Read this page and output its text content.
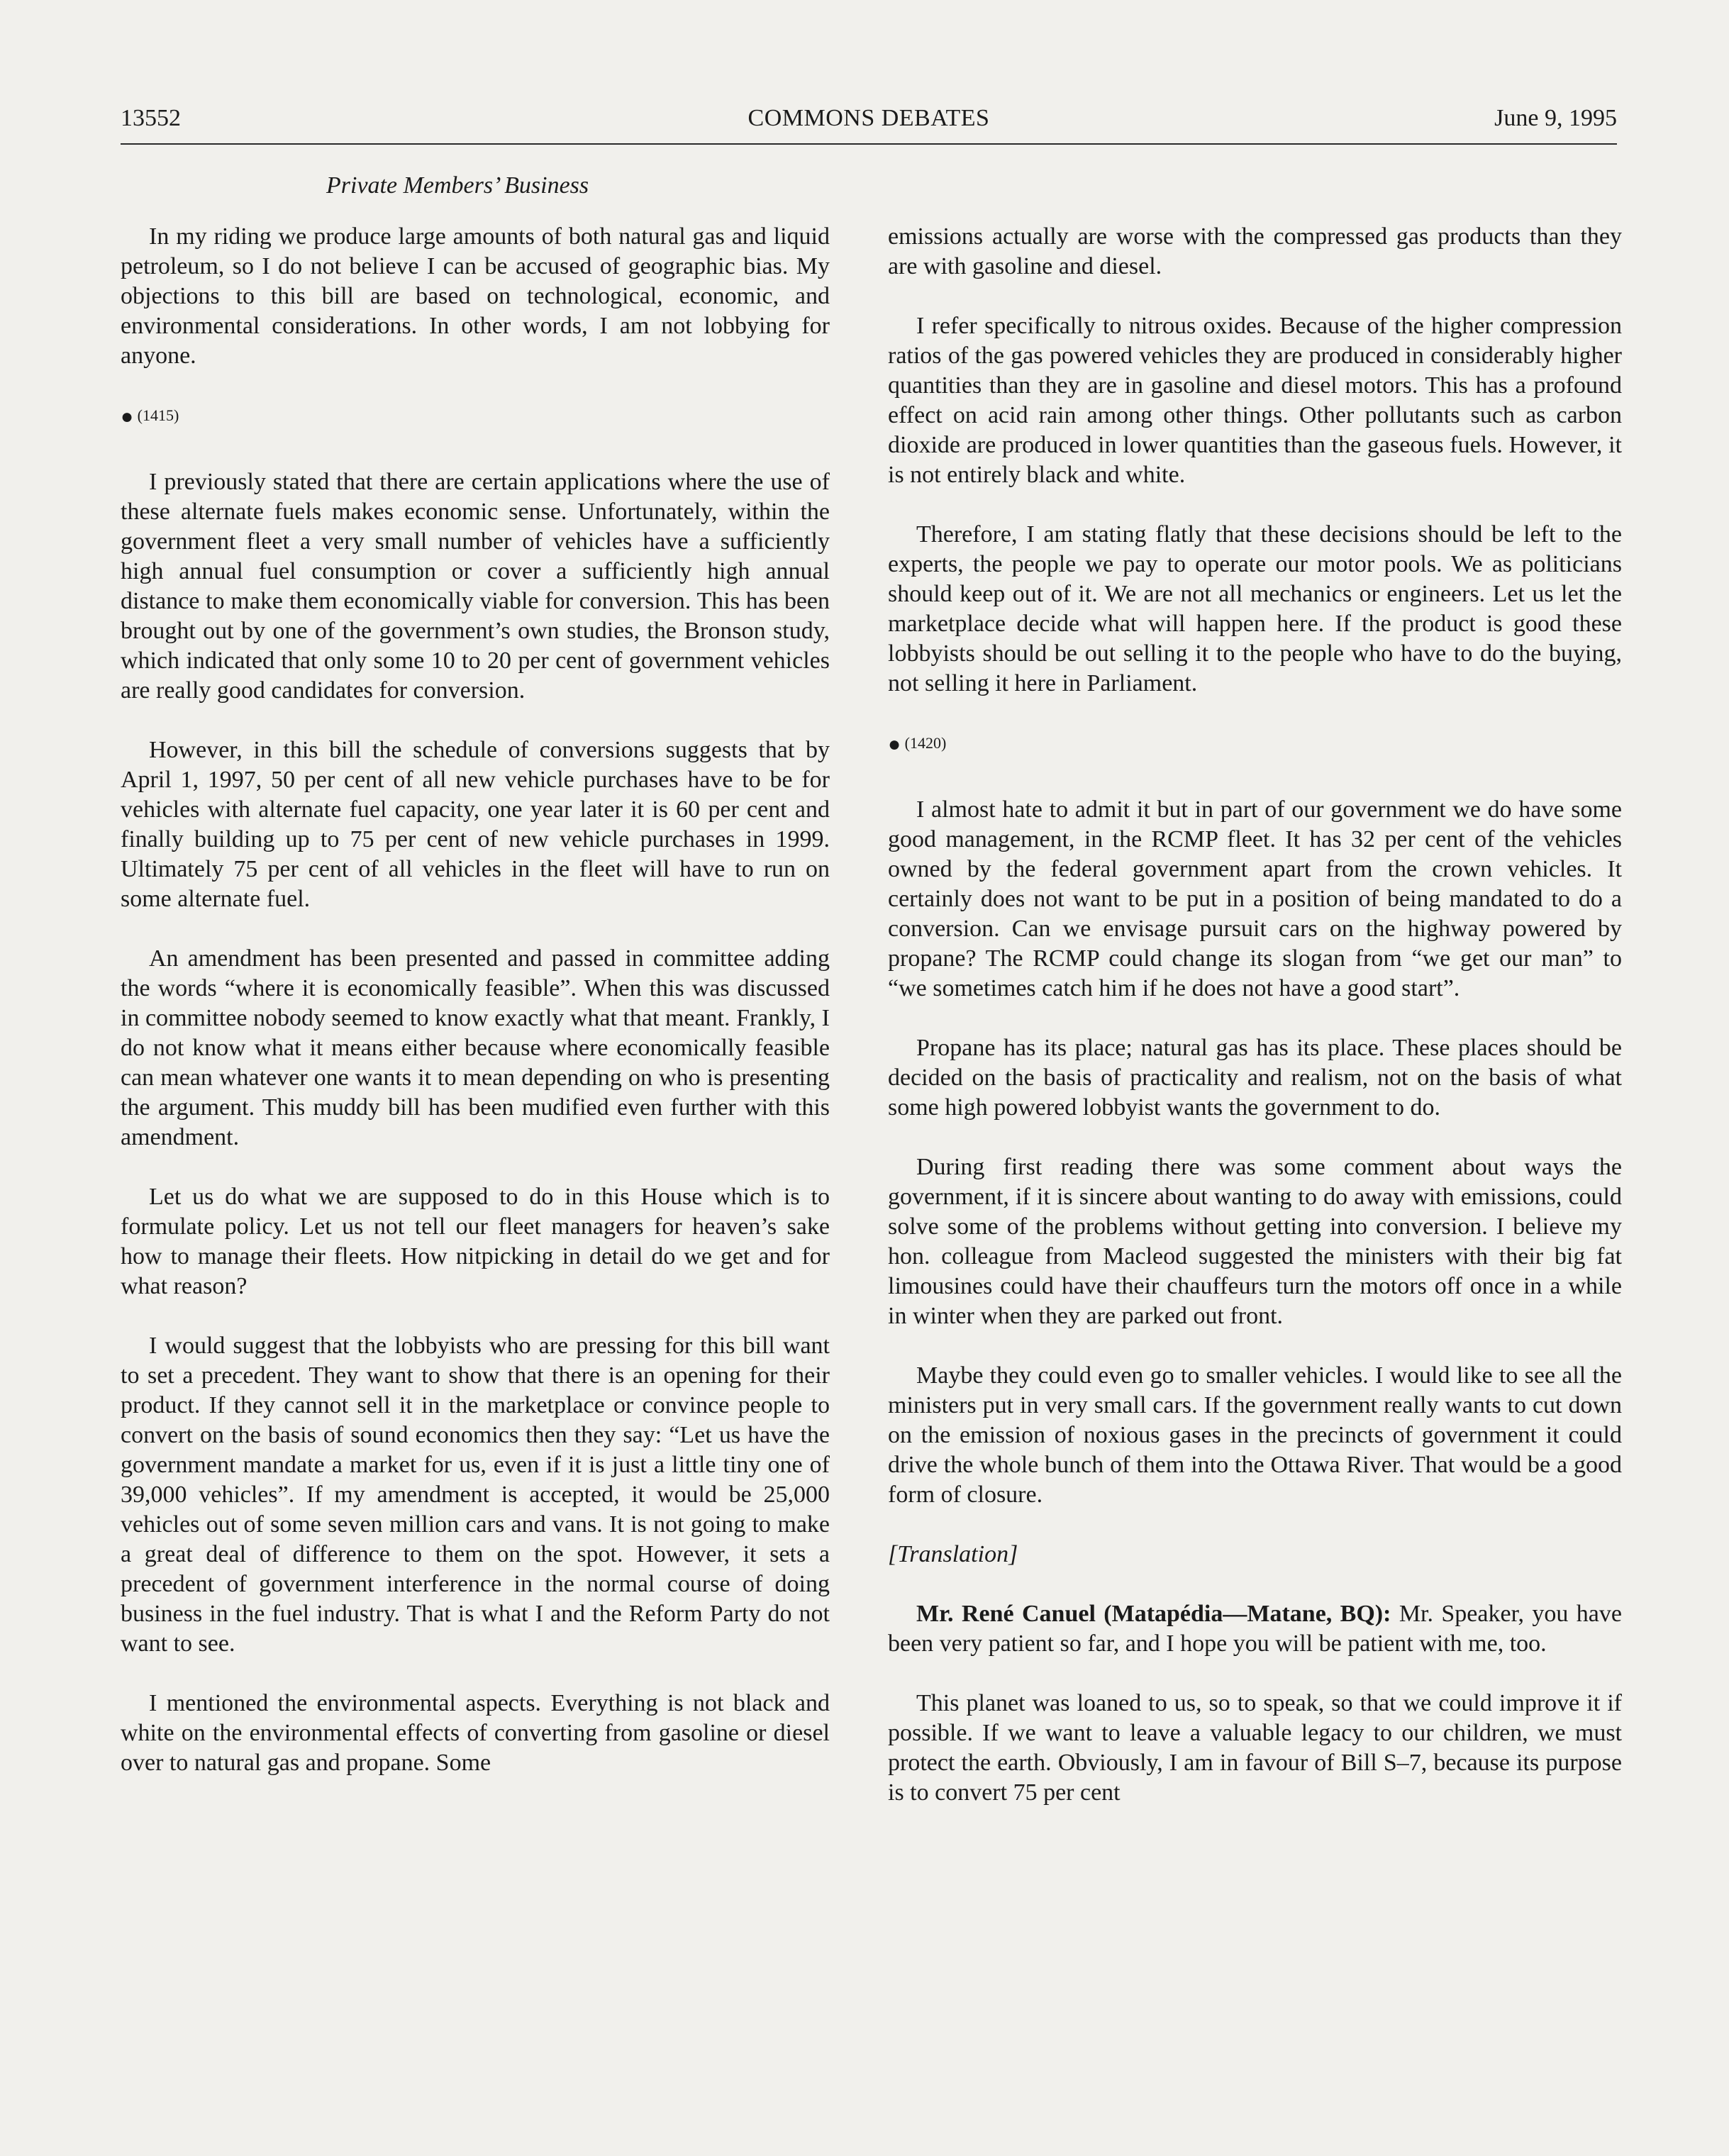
COMMONS DEBATES
13552	June 9, 1995
Private Members’ Business

In my riding we produce large amounts of both natural gas and liquid petroleum, so I do not believe I can be accused of geographic bias. My objections to this bill are based on technological, economic, and environmental considerations. In other words, I am not lobbying for anyone.

● (1415)

I previously stated that there are certain applications where the use of these alternate fuels makes economic sense. Unfortunately, within the government fleet a very small number of vehicles have a sufficiently high annual fuel consumption or cover a sufficiently high annual distance to make them economically viable for conversion. This has been brought out by one of the government’s own studies, the Bronson study, which indicated that only some 10 to 20 per cent of government vehicles are really good candidates for conversion.

However, in this bill the schedule of conversions suggests that by April 1, 1997, 50 per cent of all new vehicle purchases have to be for vehicles with alternate fuel capacity, one year later it is 60 per cent and finally building up to 75 per cent of new vehicle purchases in 1999. Ultimately 75 per cent of all vehicles in the fleet will have to run on some alternate fuel.

An amendment has been presented and passed in committee adding the words “where it is economically feasible”. When this was discussed in committee nobody seemed to know exactly what that meant. Frankly, I do not know what it means either because where economically feasible can mean whatever one wants it to mean depending on who is presenting the argument. This muddy bill has been mudified even further with this amendment.

Let us do what we are supposed to do in this House which is to formulate policy. Let us not tell our fleet managers for heaven’s sake how to manage their fleets. How nitpicking in detail do we get and for what reason?

I would suggest that the lobbyists who are pressing for this bill want to set a precedent. They want to show that there is an opening for their product. If they cannot sell it in the marketplace or convince people to convert on the basis of sound economics then they say: “Let us have the government mandate a market for us, even if it is just a little tiny one of 39,000 vehicles”. If my amendment is accepted, it would be 25,000 vehicles out of some seven million cars and vans. It is not going to make a great deal of difference to them on the spot. However, it sets a precedent of government interference in the normal course of doing business in the fuel industry. That is what I and the Reform Party do not want to see.

I mentioned the environmental aspects. Everything is not black and white on the environmental effects of converting from gasoline or diesel over to natural gas and propane. Some

emissions actually are worse with the compressed gas products than they are with gasoline and diesel.

I refer specifically to nitrous oxides. Because of the higher compression ratios of the gas powered vehicles they are produced in considerably higher quantities than they are in gasoline and diesel motors. This has a profound effect on acid rain among other things. Other pollutants such as carbon dioxide are produced in lower quantities than the gaseous fuels. However, it is not entirely black and white.

Therefore, I am stating flatly that these decisions should be left to the experts, the people we pay to operate our motor pools. We as politicians should keep out of it. We are not all mechanics or engineers. Let us let the marketplace decide what will happen here. If the product is good these lobbyists should be out selling it to the people who have to do the buying, not selling it here in Parliament.

● (1420)

I almost hate to admit it but in part of our government we do have some good management, in the RCMP fleet. It has 32 per cent of the vehicles owned by the federal government apart from the crown vehicles. It certainly does not want to be put in a position of being mandated to do a conversion. Can we envisage pursuit cars on the highway powered by propane? The RCMP could change its slogan from “we get our man” to “we sometimes catch him if he does not have a good start”.

Propane has its place; natural gas has its place. These places should be decided on the basis of practicality and realism, not on the basis of what some high powered lobbyist wants the government to do.

During first reading there was some comment about ways the government, if it is sincere about wanting to do away with emissions, could solve some of the problems without getting into conversion. I believe my hon. colleague from Macleod suggested the ministers with their big fat limousines could have their chauffeurs turn the motors off once in a while in winter when they are parked out front.

Maybe they could even go to smaller vehicles. I would like to see all the ministers put in very small cars. If the government really wants to cut down on the emission of noxious gases in the precincts of government it could drive the whole bunch of them into the Ottawa River. That would be a good form of closure.

[Translation]

Mr. René Canuel (Matapédia—Matane, BQ): Mr. Speaker, you have been very patient so far, and I hope you will be patient with me, too.

This planet was loaned to us, so to speak, so that we could improve it if possible. If we want to leave a valuable legacy to our children, we must protect the earth. Obviously, I am in favour of Bill S–7, because its purpose is to convert 75 per cent
